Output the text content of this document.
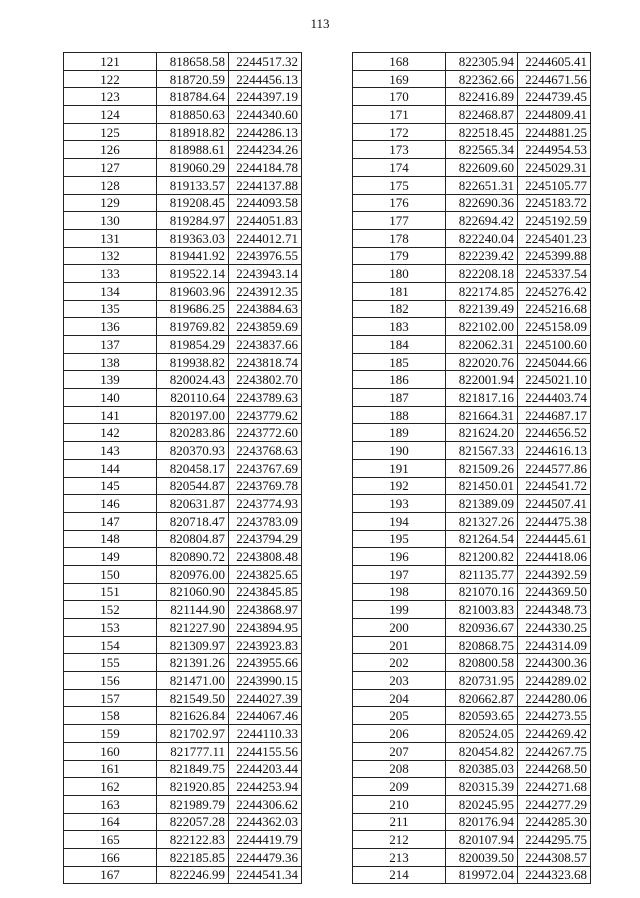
113
121	818658.58	2244517.32
122	818720.59	2244456.13
123	818784.64	2244397.19
124	818850.63	2244340.60
125	818918.82	2244286.13
126	818988.61	2244234.26
127	819060.29	2244184.78
128	819133.57	2244137.88
129	819208.45	2244093.58
130	819284.97	2244051.83
131	819363.03	2244012.71
132	819441.92	2243976.55
133	819522.14	2243943.14
134	819603.96	2243912.35
135	819686.25	2243884.63
136	819769.82	2243859.69
137	819854.29	2243837.66
138	819938.82	2243818.74
139	820024.43	2243802.70
140	820110.64	2243789.63
141	820197.00	2243779.62
142	820283.86	2243772.60
143	820370.93	2243768.63
144	820458.17	2243767.69
145	820544.87	2243769.78
146	820631.87	2243774.93
147	820718.47	2243783.09
148	820804.87	2243794.29
149	820890.72	2243808.48
150	820976.00	2243825.65
151	821060.90	2243845.85
152	821144.90	2243868.97
153	821227.90	2243894.95
154	821309.97	2243923.83
155	821391.26	2243955.66
156	821471.00	2243990.15
157	821549.50	2244027.39
158	821626.84	2244067.46
159	821702.97	2244110.33
160	821777.11	2244155.56
161	821849.75	2244203.44
162	821920.85	2244253.94
163	821989.79	2244306.62
164	822057.28	2244362.03
165	822122.83	2244419.79
166	822185.85	2244479.36
167	822246.99	2244541.34
168	822305.94	2244605.41
169	822362.66	2244671.56
170	822416.89	2244739.45
171	822468.87	2244809.41
172	822518.45	2244881.25
173	822565.34	2244954.53
174	822609.60	2245029.31
175	822651.31	2245105.77
176	822690.36	2245183.72
177	822694.42	2245192.59
178	822240.04	2245401.23
179	822239.42	2245399.88
180	822208.18	2245337.54
181	822174.85	2245276.42
182	822139.49	2245216.68
183	822102.00	2245158.09
184	822062.31	2245100.60
185	822020.76	2245044.66
186	822001.94	2245021.10
187	821817.16	2244403.74
188	821664.31	2244687.17
189	821624.20	2244656.52
190	821567.33	2244616.13
191	821509.26	2244577.86
192	821450.01	2244541.72
193	821389.09	2244507.41
194	821327.26	2244475.38
195	821264.54	2244445.61
196	821200.82	2244418.06
197	821135.77	2244392.59
198	821070.16	2244369.50
199	821003.83	2244348.73
200	820936.67	2244330.25
201	820868.75	2244314.09
202	820800.58	2244300.36
203	820731.95	2244289.02
204	820662.87	2244280.06
205	820593.65	2244273.55
206	820524.05	2244269.42
207	820454.82	2244267.75
208	820385.03	2244268.50
209	820315.39	2244271.68
210	820245.95	2244277.29
211	820176.94	2244285.30
212	820107.94	2244295.75
213	820039.50	2244308.57
214	819972.04	2244323.68
